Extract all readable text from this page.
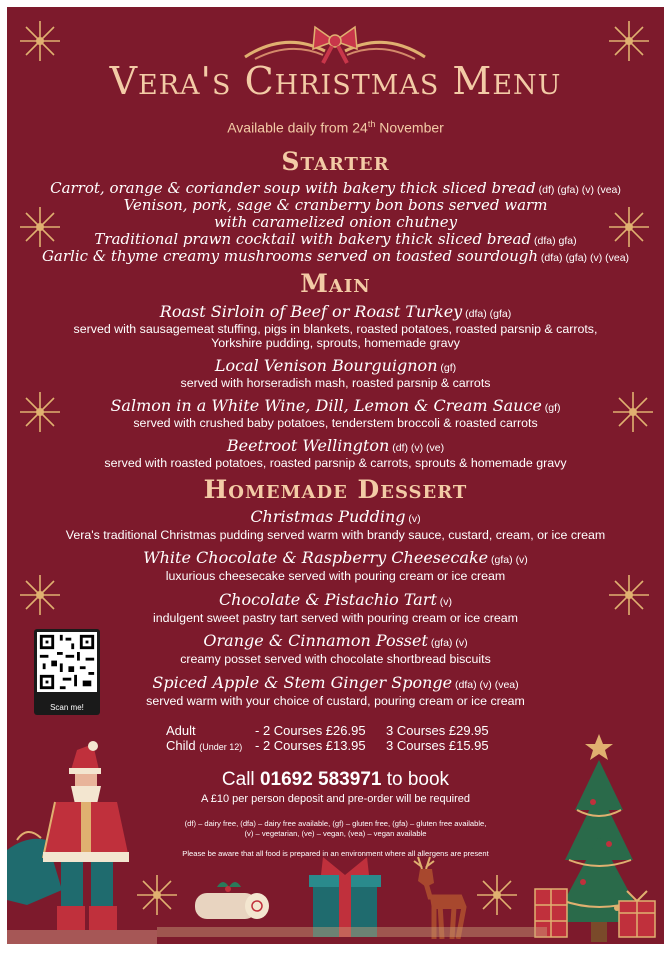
Vera's Christmas Menu
Available daily from 24th November
Starter
Carrot, orange & coriander soup with bakery thick sliced bread (df) (gfa) (v) (vea)
Venison, pork, sage & cranberry bon bons served warm
with caramelized onion chutney
Traditional prawn cocktail with bakery thick sliced bread (dfa) gfa)
Garlic & thyme creamy mushrooms served on toasted sourdough (dfa) (gfa) (v) (vea)
Main
Roast Sirloin of Beef or Roast Turkey (dfa) (gfa)
served with sausagemeat stuffing, pigs in blankets, roasted potatoes, roasted parsnip & carrots,
Yorkshire pudding, sprouts, homemade gravy
Local Venison Bourguignon (gf)
served with horseradish mash, roasted parsnip & carrots
Salmon in a White Wine, Dill, Lemon & Cream Sauce (gf)
served with crushed baby potatoes, tenderstem broccoli & roasted carrots
Beetroot Wellington (df) (v) (ve)
served with roasted potatoes, roasted parsnip & carrots, sprouts & homemade gravy
Homemade Dessert
Christmas Pudding (v)
Vera's traditional Christmas pudding served warm with brandy sauce, custard, cream, or ice cream
White Chocolate & Raspberry Cheesecake (gfa) (v)
luxurious cheesecake served with pouring cream or ice cream
Chocolate & Pistachio Tart (v)
indulgent sweet pastry tart served with pouring cream or ice cream
Orange & Cinnamon Posset (gfa) (v)
creamy posset served with chocolate shortbread biscuits
Spiced Apple & Stem Ginger Sponge (dfa) (v) (vea)
served warm with your choice of custard, pouring cream or ice cream
Scan me!
Adult	- 2 Courses £26.95 3 Courses £29.95
Child (Under 12) - 2 Courses £13.95 3 Courses £15.95
Call 01692 583971 to book
A £10 per person deposit and pre-order will be required
(df) – dairy free, (dfa) – dairy free available, (gf) – gluten free, (gfa) – gluten free available,
(v) – vegetarian, (ve) – vegan, (vea) – vegan available
Please be aware that all food is prepared in an environment where all allergens are present
